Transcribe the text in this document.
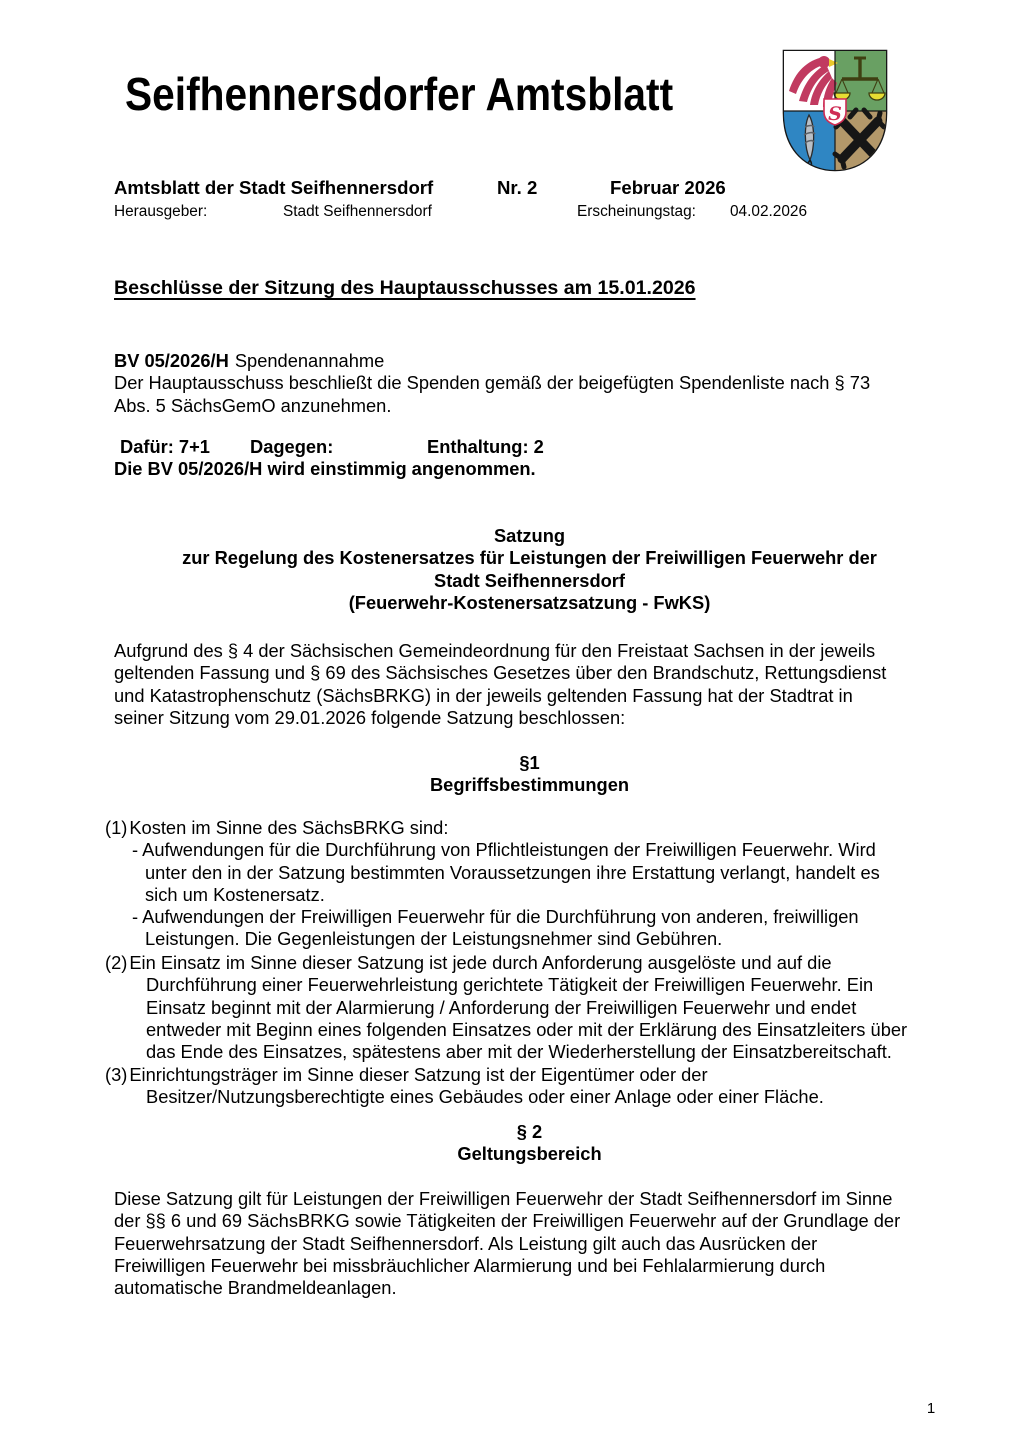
Seifhennersdorfer Amtsblatt	S
Amtsblatt der Stadt Seifhennersdorf	Nr. 2	Februar 2026
Herausgeber:	Stadt Seifhennersdorf	Erscheinungstag: 04.02.2026
Beschlüsse der Sitzung des Hauptausschusses am 15.01.2026
BV 05/2026/H Spendenannahme
Der Hauptausschuss beschließt die Spenden gemäß der beigefügten Spendenliste nach § 73
Abs. 5 SächsGemO anzunehmen.
Dafür: 7+1 Dagegen:	Enthaltung: 2
Die BV 05/2026/H wird einstimmig angenommen.
Satzung
zur Regelung des Kostenersatzes für Leistungen der Freiwilligen Feuerwehr der
Stadt Seifhennersdorf
(Feuerwehr-Kostenersatzsatzung - FwKS)
Aufgrund des § 4 der Sächsischen Gemeindeordnung für den Freistaat Sachsen in der jeweils
geltenden Fassung und § 69 des Sächsisches Gesetzes über den Brandschutz, Rettungsdienst
und Katastrophenschutz (SächsBRKG) in der jeweils geltenden Fassung hat der Stadtrat in
seiner Sitzung vom 29.01.2026 folgende Satzung beschlossen:
§1
Begriffsbestimmungen
(1) Kosten im Sinne des SächsBRKG sind:
- Aufwendungen für die Durchführung von Pflichtleistungen der Freiwilligen Feuerwehr. Wird
unter den in der Satzung bestimmten Voraussetzungen ihre Erstattung verlangt, handelt es
sich um Kostenersatz.
- Aufwendungen der Freiwilligen Feuerwehr für die Durchführung von anderen, freiwilligen
Leistungen. Die Gegenleistungen der Leistungsnehmer sind Gebühren.
(2) Ein Einsatz im Sinne dieser Satzung ist jede durch Anforderung ausgelöste und auf die
Durchführung einer Feuerwehrleistung gerichtete Tätigkeit der Freiwilligen Feuerwehr. Ein
Einsatz beginnt mit der Alarmierung / Anforderung der Freiwilligen Feuerwehr und endet
entweder mit Beginn eines folgenden Einsatzes oder mit der Erklärung des Einsatzleiters über
das Ende des Einsatzes, spätestens aber mit der Wiederherstellung der Einsatzbereitschaft.
(3) Einrichtungsträger im Sinne dieser Satzung ist der Eigentümer oder der
Besitzer/Nutzungsberechtigte eines Gebäudes oder einer Anlage oder einer Fläche.
§ 2
Geltungsbereich
Diese Satzung gilt für Leistungen der Freiwilligen Feuerwehr der Stadt Seifhennersdorf im Sinne
der §§ 6 und 69 SächsBRKG sowie Tätigkeiten der Freiwilligen Feuerwehr auf der Grundlage der
Feuerwehrsatzung der Stadt Seifhennersdorf. Als Leistung gilt auch das Ausrücken der
Freiwilligen Feuerwehr bei missbräuchlicher Alarmierung und bei Fehlalarmierung durch
automatische Brandmeldeanlagen.
1
